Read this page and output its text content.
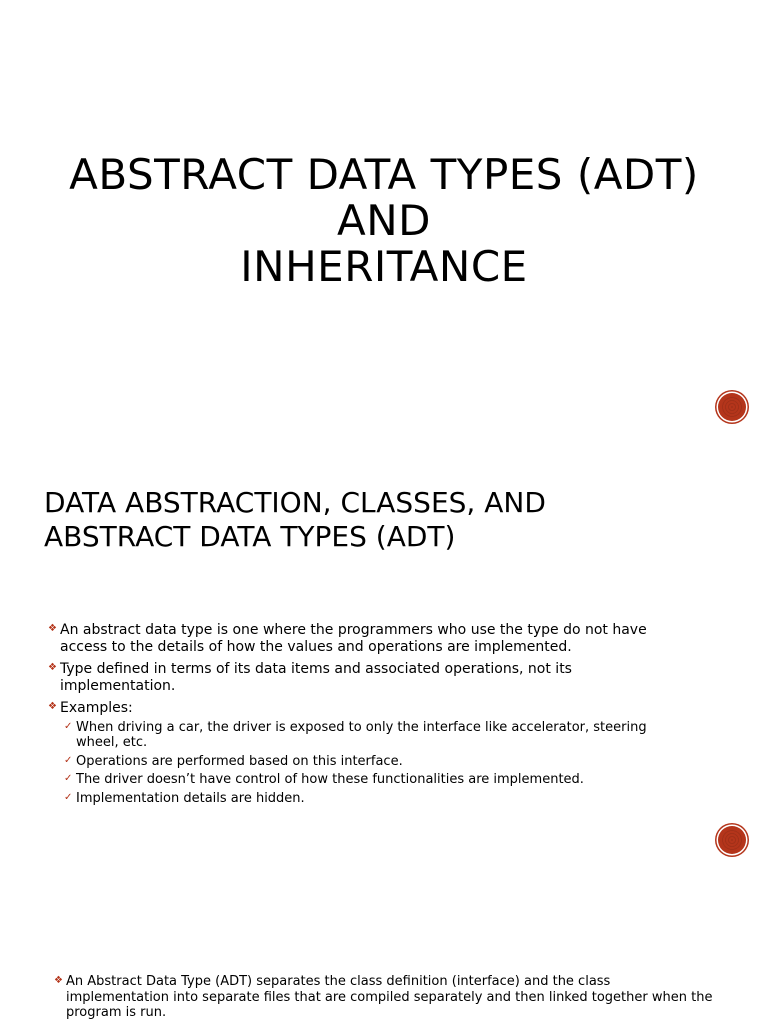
ABSTRACT DATA TYPES (ADT)
AND
INHERITANCE
DATA ABSTRACTION, CLASSES, AND
ABSTRACT DATA TYPES (ADT)
❖ An abstract data type is one where the programmers who use the type do not have access to the details of how the values and operations are implemented.
❖ Type defined in terms of its data items and associated operations, not its implementation.
❖ Examples:
✓ When driving a car, the driver is exposed to only the interface like accelerator, steering wheel, etc.
✓ Operations are performed based on this interface.
✓ The driver doesn’t have control of how these functionalities are implemented.
✓ Implementation details are hidden.
❖ An Abstract Data Type (ADT) separates the class definition (interface) and the class implementation into separate files that are compiled separately and then linked together when the program is run.
